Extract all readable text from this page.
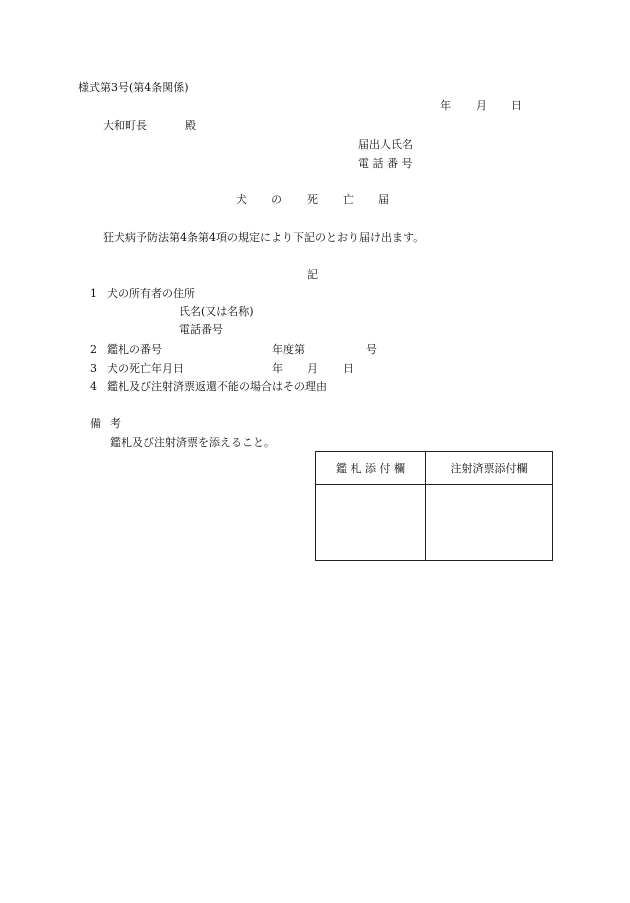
様式第3号(第4条関係)
年 月 日
大和町長	殿
届出人氏名
電 話 番 号
犬 の 死 亡 届
狂犬病予防法第4条第4項の規定により下記のとおり届け出ます。
記
1 犬の所有者の住所
氏名(又は名称)
電話番号
2 鑑札の番号	年度第	号
3 犬の死亡年月日	年 月 日
4 鑑札及び注射済票返還不能の場合はその理由
備 考
鑑札及び注射済票を添えること。
鑑 札 添 付 欄	注射済票添付欄
